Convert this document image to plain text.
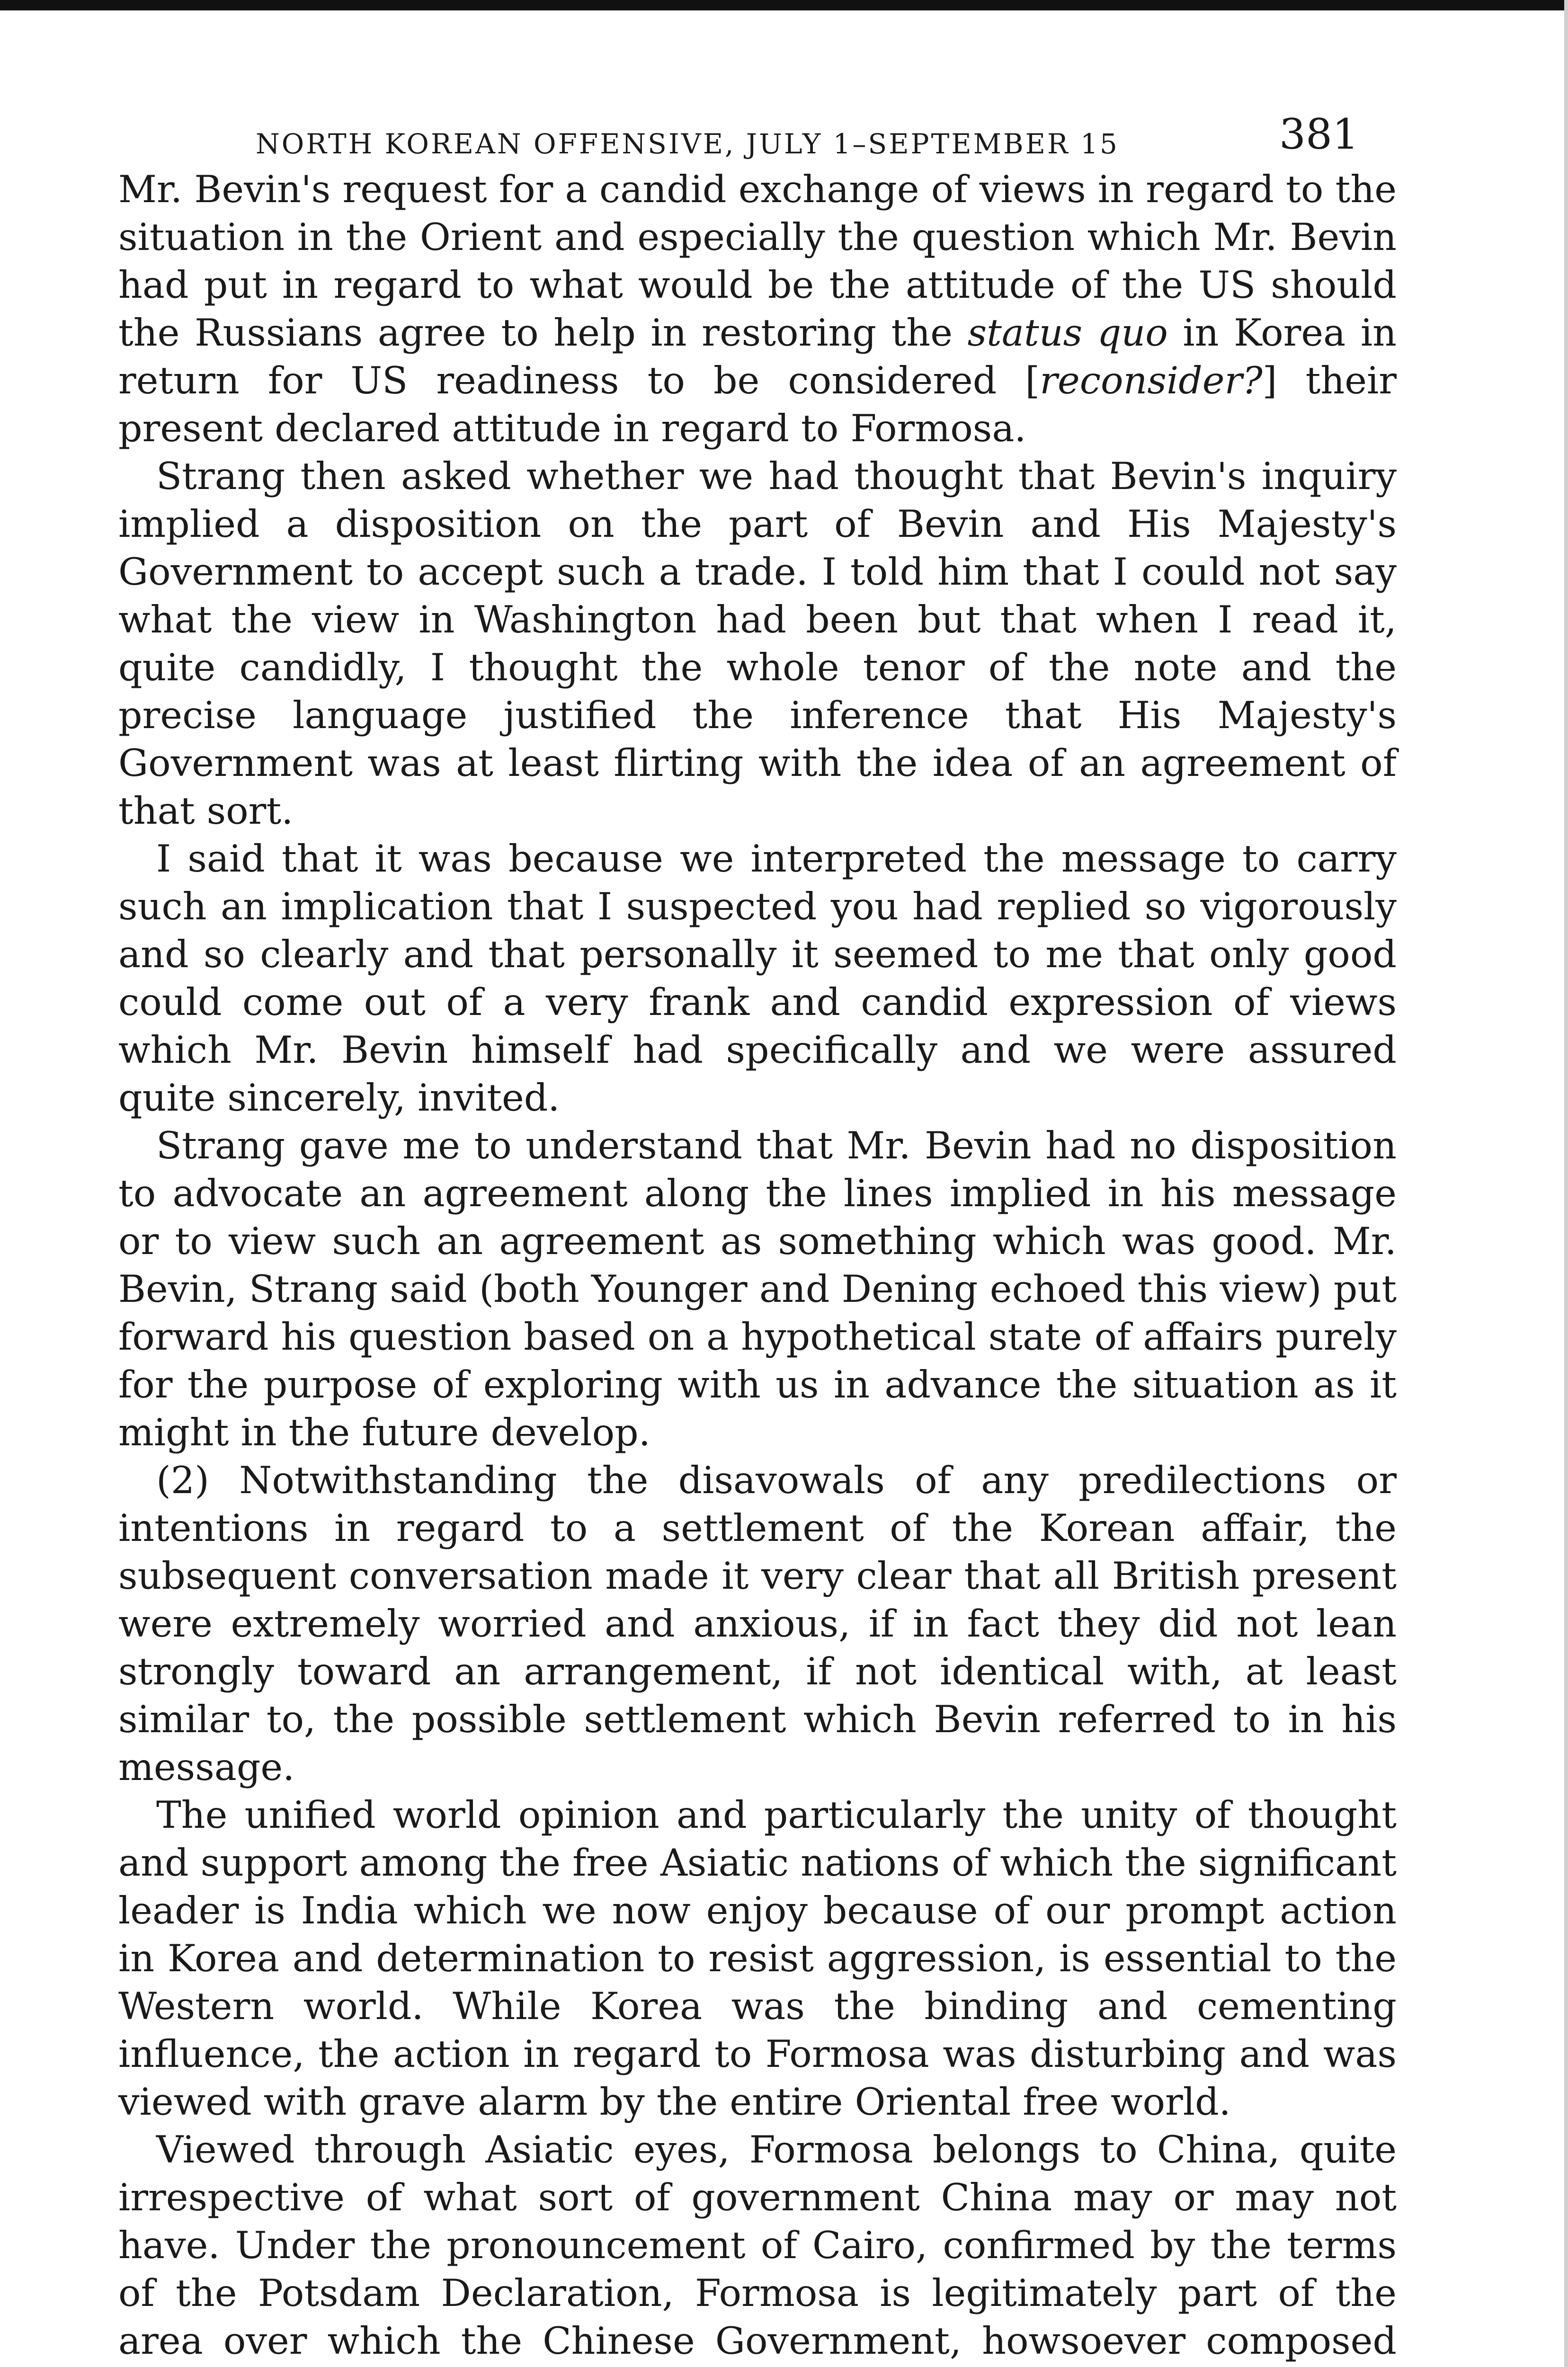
NORTH KOREAN OFFENSIVE, JULY 1–SEPTEMBER 15	381

Mr. Bevin's request for a candid exchange of views in regard to the situation in the Orient and especially the question which Mr. Bevin had put in regard to what would be the attitude of the US should the Russians agree to help in restoring the status quo in Korea in return for US readiness to be considered [reconsider?] their present declared attitude in regard to Formosa.

Strang then asked whether we had thought that Bevin's inquiry implied a disposition on the part of Bevin and His Majesty's Government to accept such a trade. I told him that I could not say what the view in Washington had been but that when I read it, quite candidly, I thought the whole tenor of the note and the precise language justified the inference that His Majesty's Government was at least flirting with the idea of an agreement of that sort.

I said that it was because we interpreted the message to carry such an implication that I suspected you had replied so vigorously and so clearly and that personally it seemed to me that only good could come out of a very frank and candid expression of views which Mr. Bevin himself had specifically and we were assured quite sincerely, invited.

Strang gave me to understand that Mr. Bevin had no disposition to advocate an agreement along the lines implied in his message or to view such an agreement as something which was good. Mr. Bevin, Strang said (both Younger and Dening echoed this view) put forward his question based on a hypothetical state of affairs purely for the purpose of exploring with us in advance the situation as it might in the future develop.

(2) Notwithstanding the disavowals of any predilections or intentions in regard to a settlement of the Korean affair, the subsequent conversation made it very clear that all British present were extremely worried and anxious, if in fact they did not lean strongly toward an arrangement, if not identical with, at least similar to, the possible settlement which Bevin referred to in his message.

The unified world opinion and particularly the unity of thought and support among the free Asiatic nations of which the significant leader is India which we now enjoy because of our prompt action in Korea and determination to resist aggression, is essential to the Western world. While Korea was the binding and cementing influence, the action in regard to Formosa was disturbing and was viewed with grave alarm by the entire Oriental free world.

Viewed through Asiatic eyes, Formosa belongs to China, quite irrespective of what sort of government China may or may not have. Under the pronouncement of Cairo, confirmed by the terms of the Potsdam Declaration, Formosa is legitimately part of the area over which the Chinese Government, howsoever composed
